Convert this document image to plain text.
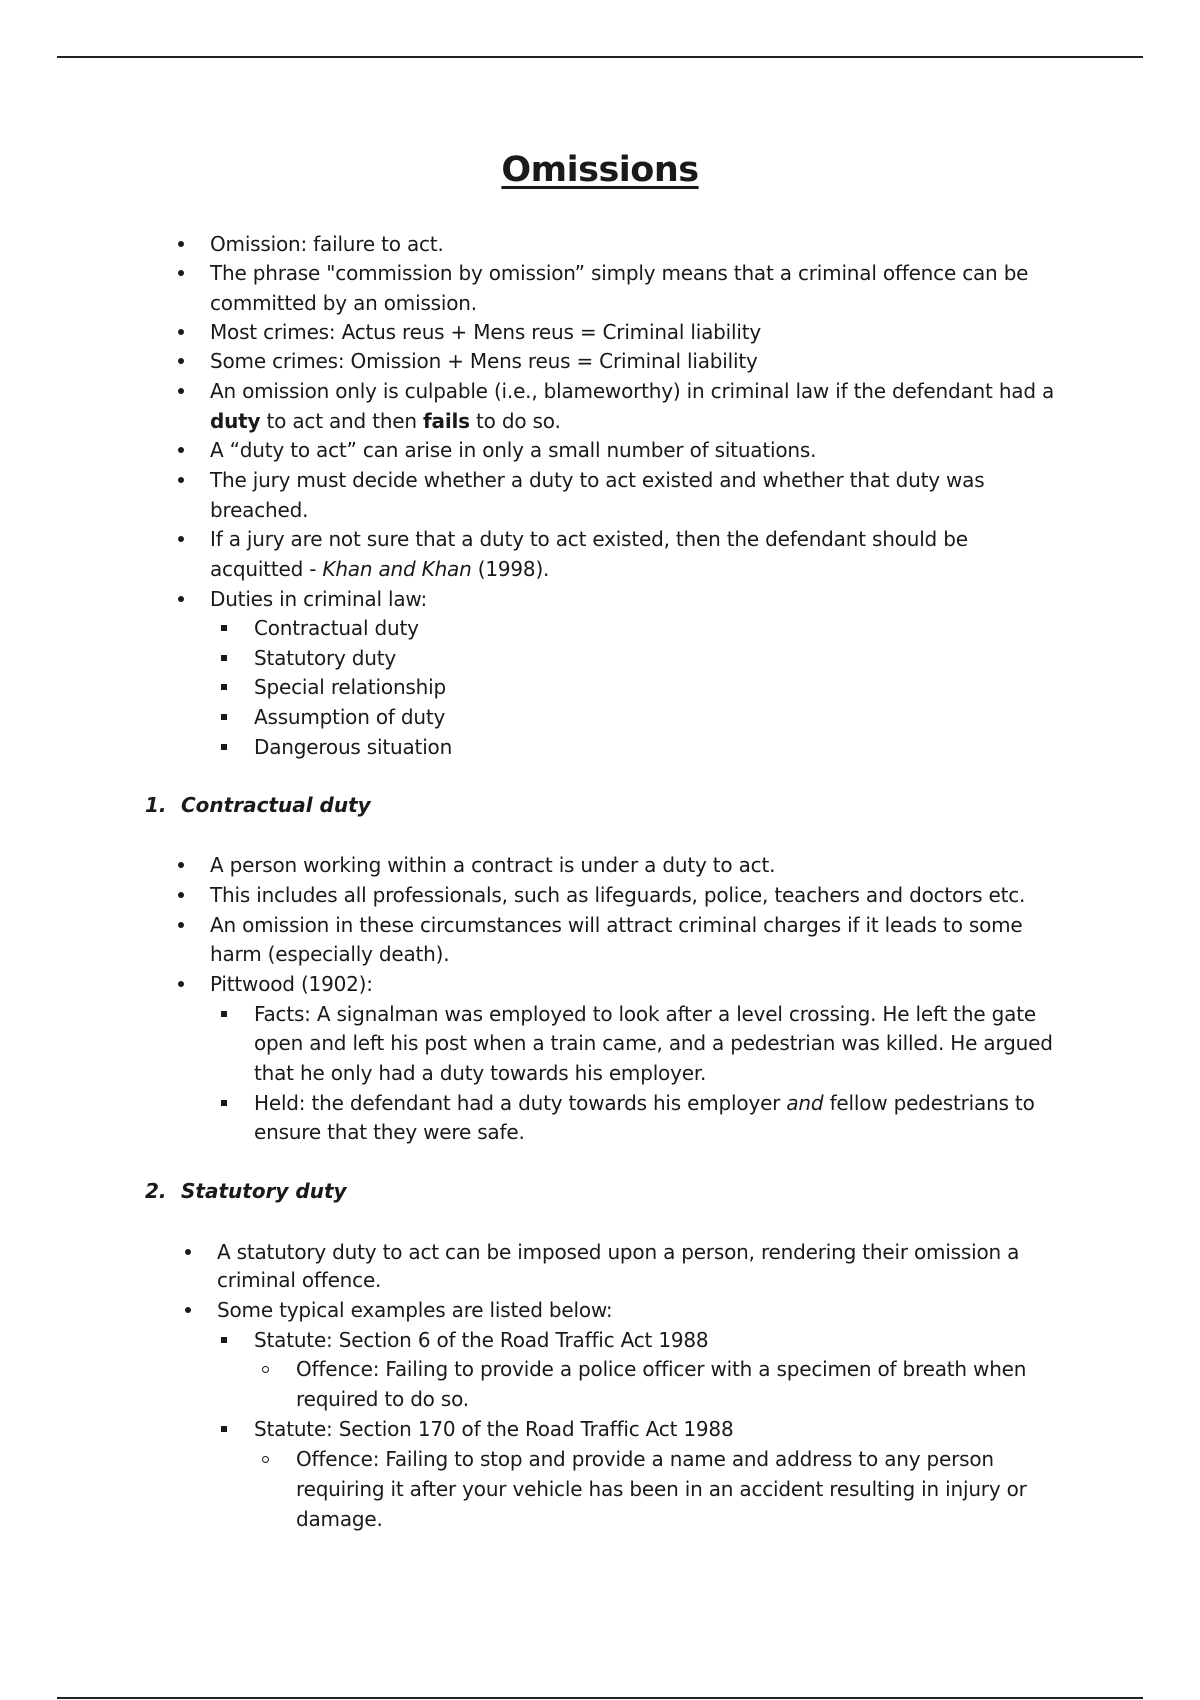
Omissions
Omission: failure to act.
The phrase "commission by omission” simply means that a criminal offence can be
committed by an omission.
Most crimes: Actus reus + Mens reus = Criminal liability
Some crimes: Omission + Mens reus = Criminal liability
An omission only is culpable (i.e., blameworthy) in criminal law if the defendant had a
duty to act and then fails to do so.
A “duty to act” can arise in only a small number of situations.
The jury must decide whether a duty to act existed and whether that duty was
breached.
If a jury are not sure that a duty to act existed, then the defendant should be
acquitted - Khan and Khan (1998).
Duties in criminal law:
Contractual duty
Statutory duty
Special relationship
Assumption of duty
Dangerous situation
1. Contractual duty
A person working within a contract is under a duty to act.
This includes all professionals, such as lifeguards, police, teachers and doctors etc.
An omission in these circumstances will attract criminal charges if it leads to some
harm (especially death).
Pittwood (1902):
Facts: A signalman was employed to look after a level crossing. He left the gate
open and left his post when a train came, and a pedestrian was killed. He argued
that he only had a duty towards his employer.
Held: the defendant had a duty towards his employer and fellow pedestrians to
ensure that they were safe.
2. Statutory duty
A statutory duty to act can be imposed upon a person, rendering their omission a
criminal offence.
Some typical examples are listed below:
Statute: Section 6 of the Road Traffic Act 1988
Offence: Failing to provide a police officer with a specimen of breath when
required to do so.
Statute: Section 170 of the Road Traffic Act 1988
Offence: Failing to stop and provide a name and address to any person
requiring it after your vehicle has been in an accident resulting in injury or
damage.
